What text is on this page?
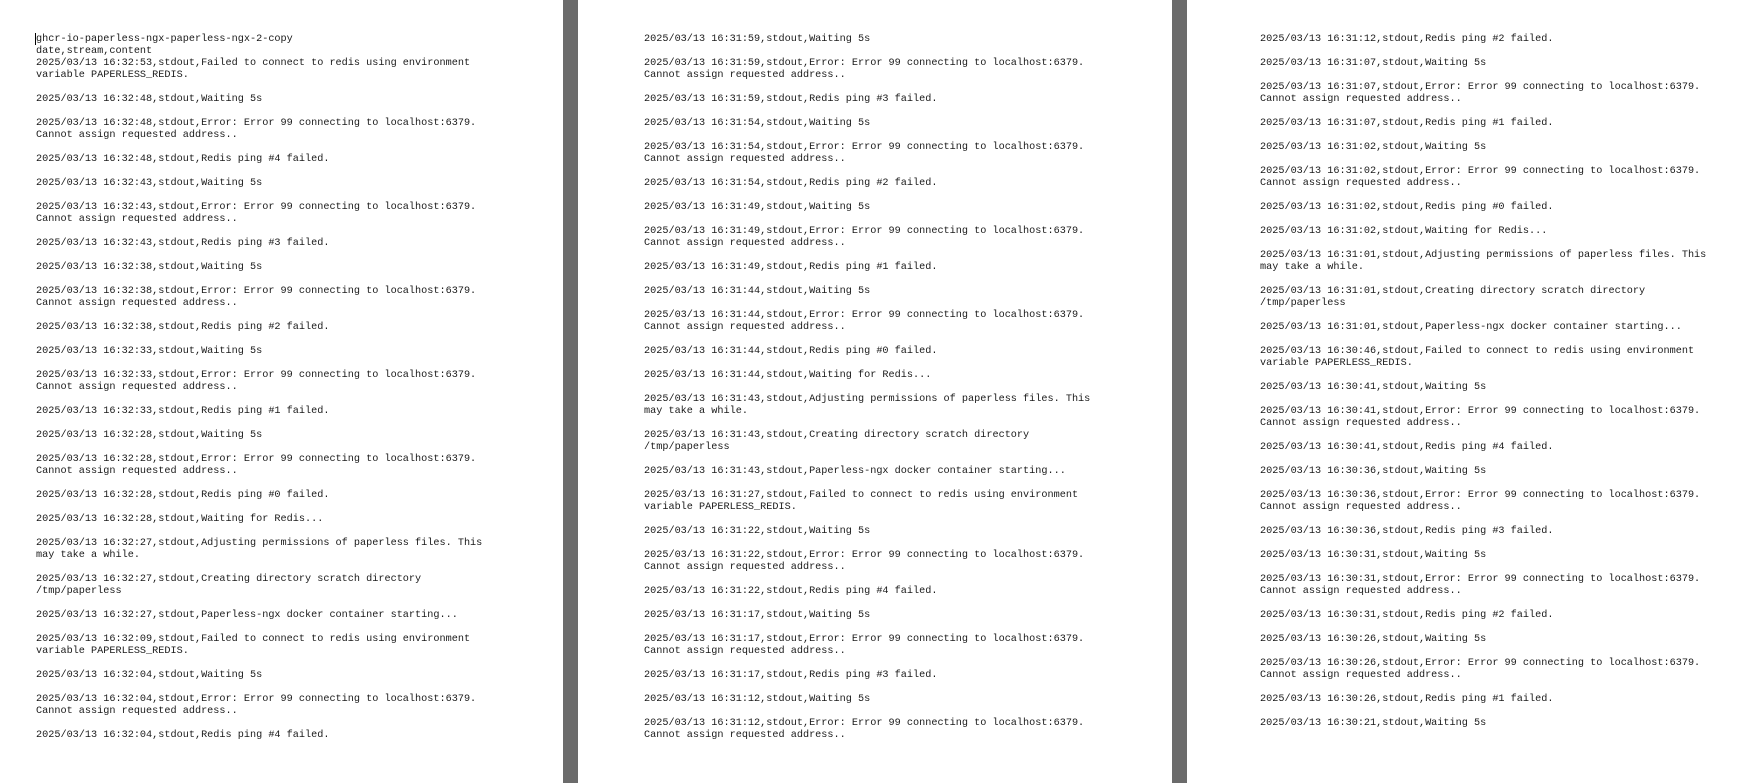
ghcr-io-paperless-ngx-paperless-ngx-2-copy
date,stream,content
2025/03/13 16:32:53,stdout,Failed to connect to redis using environment
variable PAPERLESS_REDIS.
2025/03/13 16:32:48,stdout,Waiting 5s
2025/03/13 16:32:48,stdout,Error: Error 99 connecting to localhost:6379.
Cannot assign requested address..
2025/03/13 16:32:48,stdout,Redis ping #4 failed.
2025/03/13 16:32:43,stdout,Waiting 5s
2025/03/13 16:32:43,stdout,Error: Error 99 connecting to localhost:6379.
Cannot assign requested address..
2025/03/13 16:32:43,stdout,Redis ping #3 failed.
2025/03/13 16:32:38,stdout,Waiting 5s
2025/03/13 16:32:38,stdout,Error: Error 99 connecting to localhost:6379.
Cannot assign requested address..
2025/03/13 16:32:38,stdout,Redis ping #2 failed.
2025/03/13 16:32:33,stdout,Waiting 5s
2025/03/13 16:32:33,stdout,Error: Error 99 connecting to localhost:6379.
Cannot assign requested address..
2025/03/13 16:32:33,stdout,Redis ping #1 failed.
2025/03/13 16:32:28,stdout,Waiting 5s
2025/03/13 16:32:28,stdout,Error: Error 99 connecting to localhost:6379.
Cannot assign requested address..
2025/03/13 16:32:28,stdout,Redis ping #0 failed.
2025/03/13 16:32:28,stdout,Waiting for Redis...
2025/03/13 16:32:27,stdout,Adjusting permissions of paperless files. This
may take a while.
2025/03/13 16:32:27,stdout,Creating directory scratch directory
/tmp/paperless
2025/03/13 16:32:27,stdout,Paperless-ngx docker container starting...
2025/03/13 16:32:09,stdout,Failed to connect to redis using environment
variable PAPERLESS_REDIS.
2025/03/13 16:32:04,stdout,Waiting 5s
2025/03/13 16:32:04,stdout,Error: Error 99 connecting to localhost:6379.
Cannot assign requested address..
2025/03/13 16:32:04,stdout,Redis ping #4 failed.
2025/03/13 16:31:59,stdout,Waiting 5s
2025/03/13 16:31:59,stdout,Error: Error 99 connecting to localhost:6379.
Cannot assign requested address..
2025/03/13 16:31:59,stdout,Redis ping #3 failed.
2025/03/13 16:31:54,stdout,Waiting 5s
2025/03/13 16:31:54,stdout,Error: Error 99 connecting to localhost:6379.
Cannot assign requested address..
2025/03/13 16:31:54,stdout,Redis ping #2 failed.
2025/03/13 16:31:49,stdout,Waiting 5s
2025/03/13 16:31:49,stdout,Error: Error 99 connecting to localhost:6379.
Cannot assign requested address..
2025/03/13 16:31:49,stdout,Redis ping #1 failed.
2025/03/13 16:31:44,stdout,Waiting 5s
2025/03/13 16:31:44,stdout,Error: Error 99 connecting to localhost:6379.
Cannot assign requested address..
2025/03/13 16:31:44,stdout,Redis ping #0 failed.
2025/03/13 16:31:44,stdout,Waiting for Redis...
2025/03/13 16:31:43,stdout,Adjusting permissions of paperless files. This
may take a while.
2025/03/13 16:31:43,stdout,Creating directory scratch directory
/tmp/paperless
2025/03/13 16:31:43,stdout,Paperless-ngx docker container starting...
2025/03/13 16:31:27,stdout,Failed to connect to redis using environment
variable PAPERLESS_REDIS.
2025/03/13 16:31:22,stdout,Waiting 5s
2025/03/13 16:31:22,stdout,Error: Error 99 connecting to localhost:6379.
Cannot assign requested address..
2025/03/13 16:31:22,stdout,Redis ping #4 failed.
2025/03/13 16:31:17,stdout,Waiting 5s
2025/03/13 16:31:17,stdout,Error: Error 99 connecting to localhost:6379.
Cannot assign requested address..
2025/03/13 16:31:17,stdout,Redis ping #3 failed.
2025/03/13 16:31:12,stdout,Waiting 5s
2025/03/13 16:31:12,stdout,Error: Error 99 connecting to localhost:6379.
Cannot assign requested address..
2025/03/13 16:31:12,stdout,Redis ping #2 failed.
2025/03/13 16:31:07,stdout,Waiting 5s
2025/03/13 16:31:07,stdout,Error: Error 99 connecting to localhost:6379.
Cannot assign requested address..
2025/03/13 16:31:07,stdout,Redis ping #1 failed.
2025/03/13 16:31:02,stdout,Waiting 5s
2025/03/13 16:31:02,stdout,Error: Error 99 connecting to localhost:6379.
Cannot assign requested address..
2025/03/13 16:31:02,stdout,Redis ping #0 failed.
2025/03/13 16:31:02,stdout,Waiting for Redis...
2025/03/13 16:31:01,stdout,Adjusting permissions of paperless files. This
may take a while.
2025/03/13 16:31:01,stdout,Creating directory scratch directory
/tmp/paperless
2025/03/13 16:31:01,stdout,Paperless-ngx docker container starting...
2025/03/13 16:30:46,stdout,Failed to connect to redis using environment
variable PAPERLESS_REDIS.
2025/03/13 16:30:41,stdout,Waiting 5s
2025/03/13 16:30:41,stdout,Error: Error 99 connecting to localhost:6379.
Cannot assign requested address..
2025/03/13 16:30:41,stdout,Redis ping #4 failed.
2025/03/13 16:30:36,stdout,Waiting 5s
2025/03/13 16:30:36,stdout,Error: Error 99 connecting to localhost:6379.
Cannot assign requested address..
2025/03/13 16:30:36,stdout,Redis ping #3 failed.
2025/03/13 16:30:31,stdout,Waiting 5s
2025/03/13 16:30:31,stdout,Error: Error 99 connecting to localhost:6379.
Cannot assign requested address..
2025/03/13 16:30:31,stdout,Redis ping #2 failed.
2025/03/13 16:30:26,stdout,Waiting 5s
2025/03/13 16:30:26,stdout,Error: Error 99 connecting to localhost:6379.
Cannot assign requested address..
2025/03/13 16:30:26,stdout,Redis ping #1 failed.
2025/03/13 16:30:21,stdout,Waiting 5s
